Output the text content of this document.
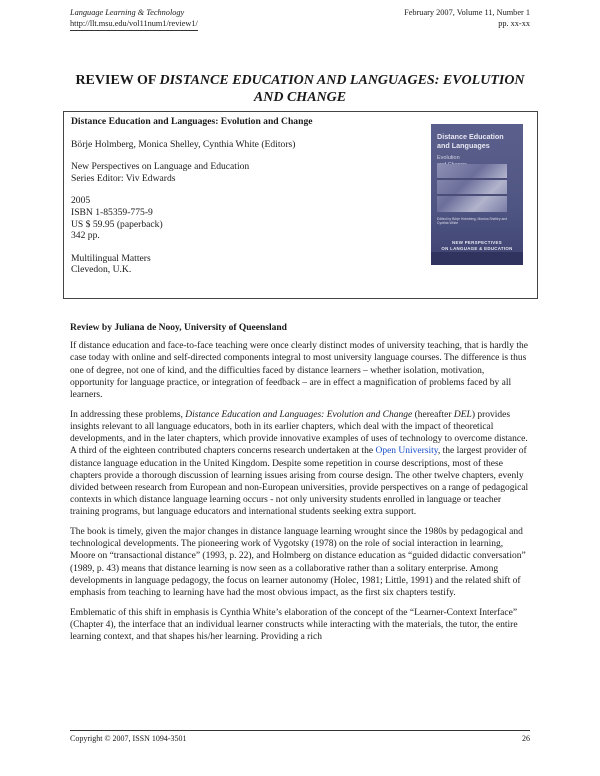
Language Learning & Technology	February 2007, Volume 11, Number 1
http://llt.msu.edu/vol11num1/review1/	pp. xx-xx
REVIEW OF DISTANCE EDUCATION AND LANGUAGES: EVOLUTION AND CHANGE
Distance Education and Languages: Evolution and Change
Börje Holmberg, Monica Shelley, Cynthia White (Editors)
New Perspectives on Language and Education
Series Editor: Viv Edwards
2005
ISBN 1-85359-775-9
US $ 59.95 (paperback)
342 pp.
Multilingual Matters
Clevedon, U.K.
Distance Education
and Languages
Evolution
Edited by Börje Holmberg, Monica Shelley and Cynthia White
NEW PERSPECTIVES
ON LANGUAGE & EDUCATION

Review by Juliana de Nooy, University of Queensland

If distance education and face-to-face teaching were once clearly distinct modes of university teaching, that is hardly the case today with online and self-directed components integral to most university language courses. The difference is thus one of degree, not one of kind, and the difficulties faced by distance learners – whether isolation, motivation, opportunity for language practice, or integration of feedback – are in effect a magnification of problems faced by all learners.

In addressing these problems, Distance Education and Languages: Evolution and Change (hereafter DEL) provides insights relevant to all language educators, both in its earlier chapters, which deal with the impact of theoretical developments, and in the later chapters, which provide innovative examples of uses of technology to overcome distance. A third of the eighteen contributed chapters concerns research undertaken at the Open University, the largest provider of distance language education in the United Kingdom. Despite some repetition in course descriptions, most of these chapters provide a thorough discussion of learning issues arising from course design. The other twelve chapters, evenly divided between research from European and non-European universities, provide perspectives on a range of pedagogical contexts in which distance language learning occurs - not only university students enrolled in language or teacher training programs, but language educators and international students seeking extra support.

The book is timely, given the major changes in distance language learning wrought since the 1980s by pedagogical and technological developments. The pioneering work of Vygotsky (1978) on the role of social interaction in learning, Moore on “transactional distance” (1993, p. 22), and Holmberg on distance education as “guided didactic conversation” (1989, p. 43) means that distance learning is now seen as a collaborative rather than a solitary enterprise. Among developments in language pedagogy, the focus on learner autonomy (Holec, 1981; Little, 1991) and the related shift of emphasis from teaching to learning have had the most obvious impact, as the first six chapters testify.

Emblematic of this shift in emphasis is Cynthia White’s elaboration of the concept of the “Learner-Context Interface” (Chapter 4), the interface that an individual learner constructs while interacting with the materials, the tutor, the entire learning context, and that shapes his/her learning. Providing a rich

Copyright © 2007, ISSN 1094-3501	26
